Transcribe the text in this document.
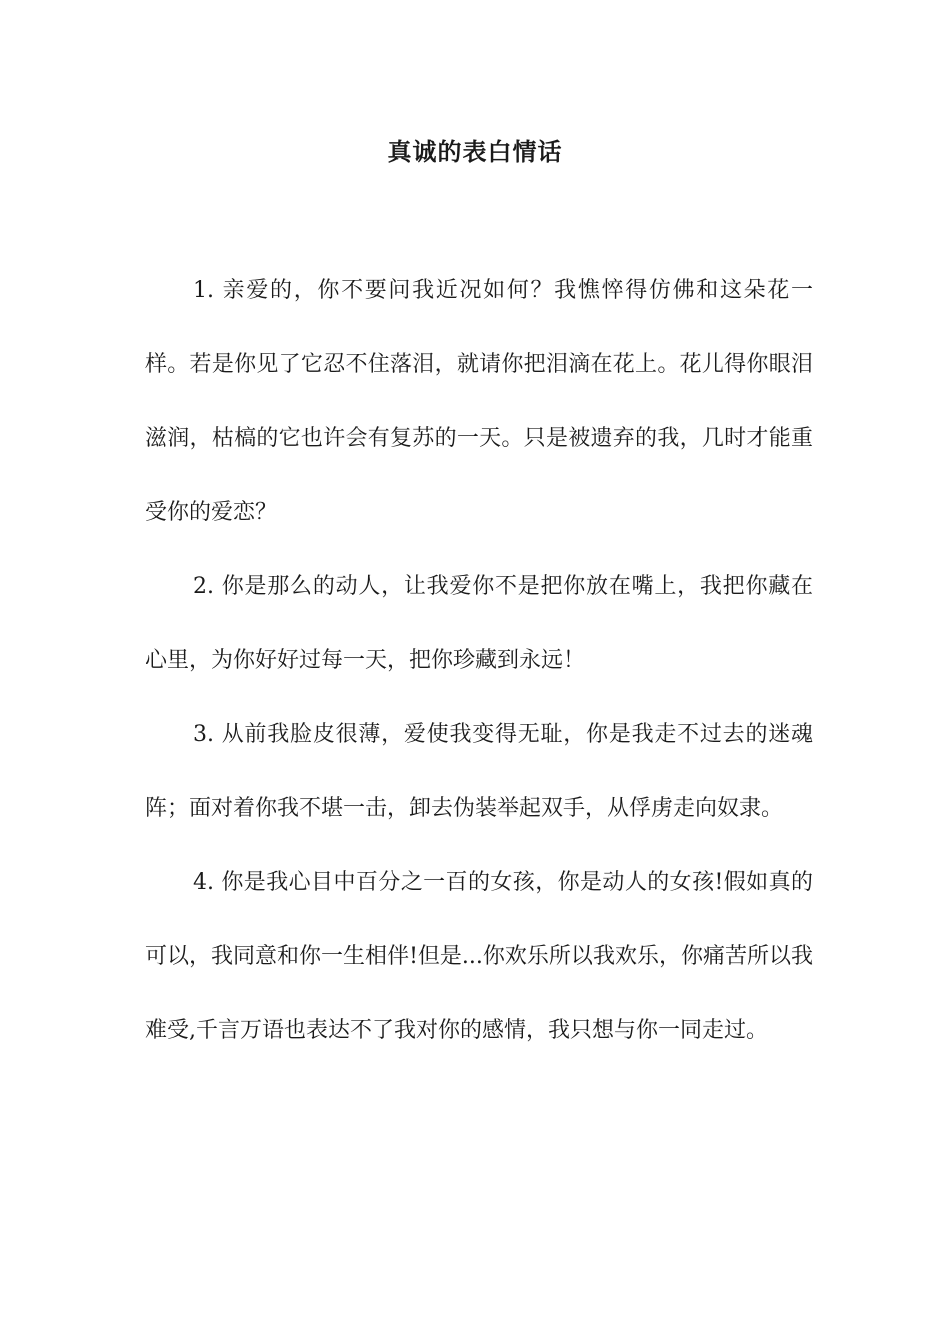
真诚的表白情话

1. 亲爱的，你不要问我近况如何？我憔悴得仿佛和这朵花一样。若是你见了它忍不住落泪，就请你把泪滴在花上。花儿得你眼泪滋润，枯槁的它也许会有复苏的一天。只是被遗弃的我，几时才能重受你的爱恋？

2. 你是那么的动人，让我爱你不是把你放在嘴上，我把你藏在心里，为你好好过每一天，把你珍藏到永远！

3. 从前我脸皮很薄，爱使我变得无耻，你是我走不过去的迷魂阵；面对着你我不堪一击，卸去伪装举起双手，从俘虏走向奴隶。

4. 你是我心目中百分之一百的女孩，你是动人的女孩!假如真的可以，我同意和你一生相伴!但是...你欢乐所以我欢乐，你痛苦所以我难受,千言万语也表达不了我对你的感情，我只想与你一同走过。
